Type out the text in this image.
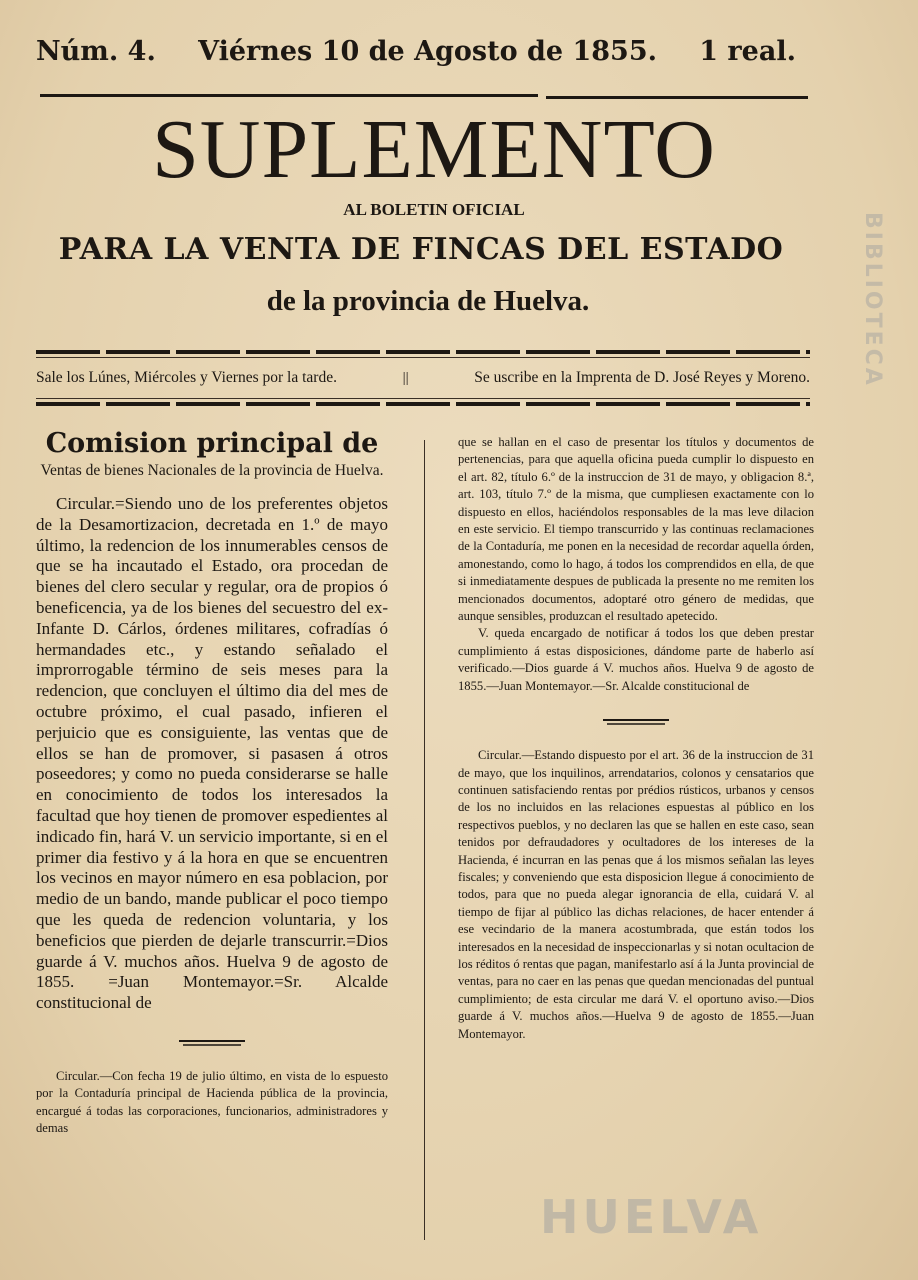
Núm. 4. Viérnes 10 de Agosto de 1855. 1 real.
SUPLEMENTO
AL BOLETIN OFICIAL
PARA LA VENTA DE FINCAS DEL ESTADO
de la provincia de Huelva.
Sale los Lúnes, Miércoles y Viernes por la tarde.	||	Se uscribe en la Imprenta de D. José Reyes y Moreno.
Comision principal de

Ventas de bienes Nacionales de la provincia de Huelva.

Circular.=Siendo uno de los preferentes objetos de la Desamortizacion, decretada en 1.º de mayo último, la redencion de los innumerables censos de que se ha incautado el Estado, ora procedan de bienes del clero secular y regular, ora de propios ó beneficencia, ya de los bienes del secuestro del ex-Infante D. Cárlos, órdenes militares, cofradías ó hermandades etc., y estando señalado el improrrogable término de seis meses para la redencion, que concluyen el último dia del mes de octubre próximo, el cual pasado, infieren el perjuicio que es consiguiente, las ventas que de ellos se han de promover, si pasasen á otros poseedores; y como no pueda considerarse se halle en conocimiento de todos los interesados la facultad que hoy tienen de promover espedientes al indicado fin, hará V. un servicio importante, si en el primer dia festivo y á la hora en que se encuentren los vecinos en mayor número en esa poblacion, por medio de un bando, mande publicar el poco tiempo que les queda de redencion voluntaria, y los beneficios que pierden de dejarle transcurrir.=Dios guarde á V. muchos años. Huelva 9 de agosto de 1855. =Juan Montemayor.=Sr. Alcalde constitucional de

Circular.—Con fecha 19 de julio último, en vista de lo espuesto por la Contaduría principal de Hacienda pública de la provincia, encargué á todas las corporaciones, funcionarios, administradores y demas

que se hallan en el caso de presentar los títulos y documentos de pertenencias, para que aquella oficina pueda cumplir lo dispuesto en el art. 82, título 6.º de la instruccion de 31 de mayo, y obligacion 8.ª, art. 103, título 7.º de la misma, que cumpliesen exactamente con lo dispuesto en ellos, haciéndolos responsables de la mas leve dilacion en este servicio. El tiempo transcurrido y las continuas reclamaciones de la Contaduría, me ponen en la necesidad de recordar aquella órden, amonestando, como lo hago, á todos los comprendidos en ella, de que si inmediatamente despues de publicada la presente no me remiten los mencionados documentos, adoptaré otro género de medidas, que aunque sensibles, produzcan el resultado apetecido.

V. queda encargado de notificar á todos los que deben prestar cumplimiento á estas disposiciones, dándome parte de haberlo así verificado.—Dios guarde á V. muchos años. Huelva 9 de agosto de 1855.—Juan Montemayor.—Sr. Alcalde constitucional de

Circular.—Estando dispuesto por el art. 36 de la instruccion de 31 de mayo, que los inquilinos, arrendatarios, colonos y censatarios que continuen satisfaciendo rentas por prédios rústicos, urbanos y censos de los no incluidos en las relaciones espuestas al público en los respectivos pueblos, y no declaren las que se hallen en este caso, sean tenidos por defraudadores y ocultadores de los intereses de la Hacienda, é incurran en las penas que á los mismos señalan las leyes fiscales; y conveniendo que esta disposicion llegue á conocimiento de todos, para que no pueda alegar ignorancia de ella, cuidará V. al tiempo de fijar al público las dichas relaciones, de hacer entender á ese vecindario de la manera acostumbrada, que están todos los interesados en la necesidad de inspeccionarlas y si notan ocultacion de los réditos ó rentas que pagan, manifestarlo así á la Junta provincial de ventas, para no caer en las penas que quedan mencionadas del puntual cumplimiento; de esta circular me dará V. el oportuno aviso.—Dios guarde á V. muchos años.—Huelva 9 de agosto de 1855.—Juan Montemayor.

HUELVA
BIBLIOTECA
